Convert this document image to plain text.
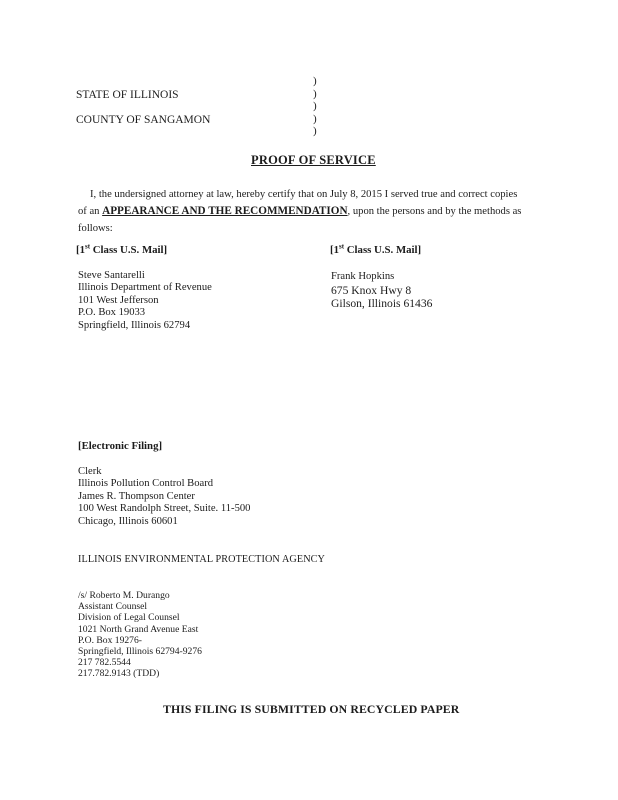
STATE OF ILLINOIS
COUNTY OF SANGAMON
)
)
)
)
)
PROOF OF SERVICE
I, the undersigned attorney at law, hereby certify that on July 8, 2015 I served true and correct copies
of an APPEARANCE AND THE RECOMMENDATION, upon the persons and by the methods as
follows:
[1st Class U.S. Mail]
Steve Santarelli
Illinois Department of Revenue
101 West Jefferson
P.O. Box 19033
Springfield, Illinois 62794
[1st Class U.S. Mail]
Frank Hopkins
675 Knox Hwy 8
Gilson, Illinois 61436
[Electronic Filing]
Clerk
Illinois Pollution Control Board
James R. Thompson Center
100 West Randolph Street, Suite. 11-500
Chicago, Illinois 60601
ILLINOIS ENVIRONMENTAL PROTECTION AGENCY
/s/ Roberto M. Durango
Assistant Counsel
Division of Legal Counsel
1021 North Grand Avenue East
P.O. Box 19276-
Springfield, Illinois 62794-9276
217 782.5544
217.782.9143 (TDD)
THIS FILING IS SUBMITTED ON RECYCLED PAPER
